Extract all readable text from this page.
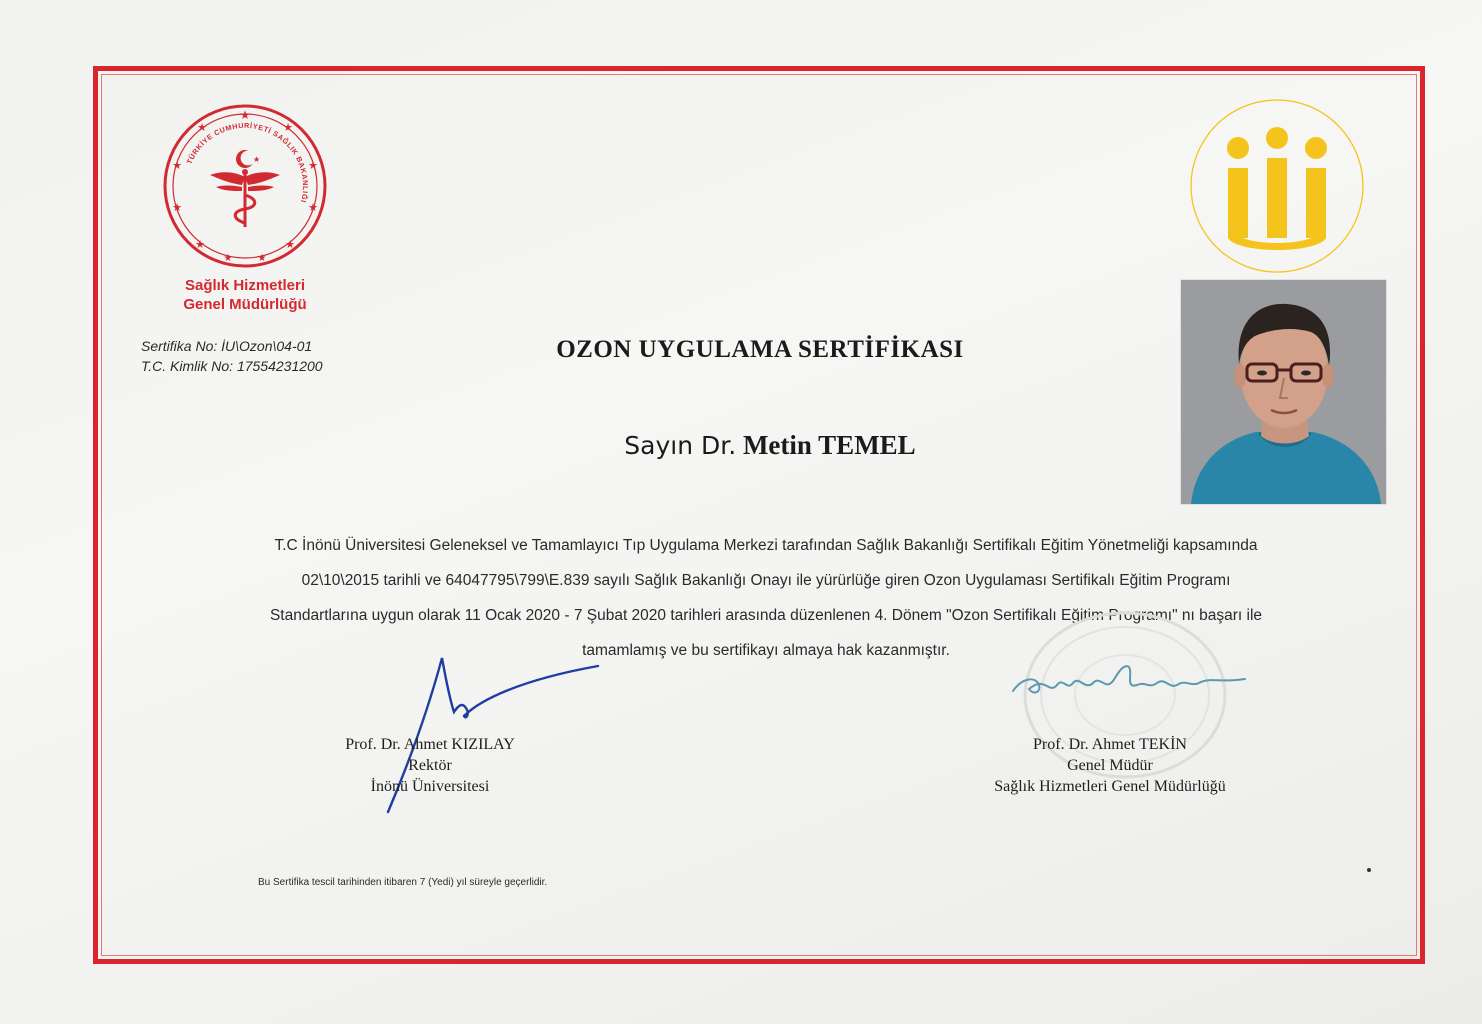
★
★	★
★	★
★	★
★	★
★	★
TÜRKİYE CUMHURİYETİ SAĞLIK BAKANLIĞI
★
Sağlık Hizmetleri
Genel Müdürlüğü
Sertifika No: İU\Ozon\04-01
T.C. Kimlik No: 17554231200
OZON UYGULAMA SERTİFİKASI
Sayın Dr. Metin TEMEL
T.C İnönü Üniversitesi Geleneksel ve Tamamlayıcı Tıp Uygulama Merkezi tarafından Sağlık Bakanlığı Sertifikalı Eğitim Yönetmeliği kapsamında
02\10\2015 tarihli ve 64047795\799\E.839 sayılı Sağlık Bakanlığı Onayı ile yürürlüğe giren Ozon Uygulaması Sertifikalı Eğitim Programı
Standartlarına uygun olarak 11 Ocak 2020 - 7 Şubat 2020 tarihleri arasında düzenlenen 4. Dönem "Ozon Sertifikalı Eğitim Programı" nı başarı ile
tamamlamış ve bu sertifikayı almaya hak kazanmıştır.
Prof. Dr. Ahmet KIZILAY
Rektör
İnönü Üniversitesi
Prof. Dr. Ahmet TEKİN
Genel Müdür
Sağlık Hizmetleri Genel Müdürlüğü
Bu Sertifika tescil tarihinden itibaren 7 (Yedi) yıl süreyle geçerlidir.
